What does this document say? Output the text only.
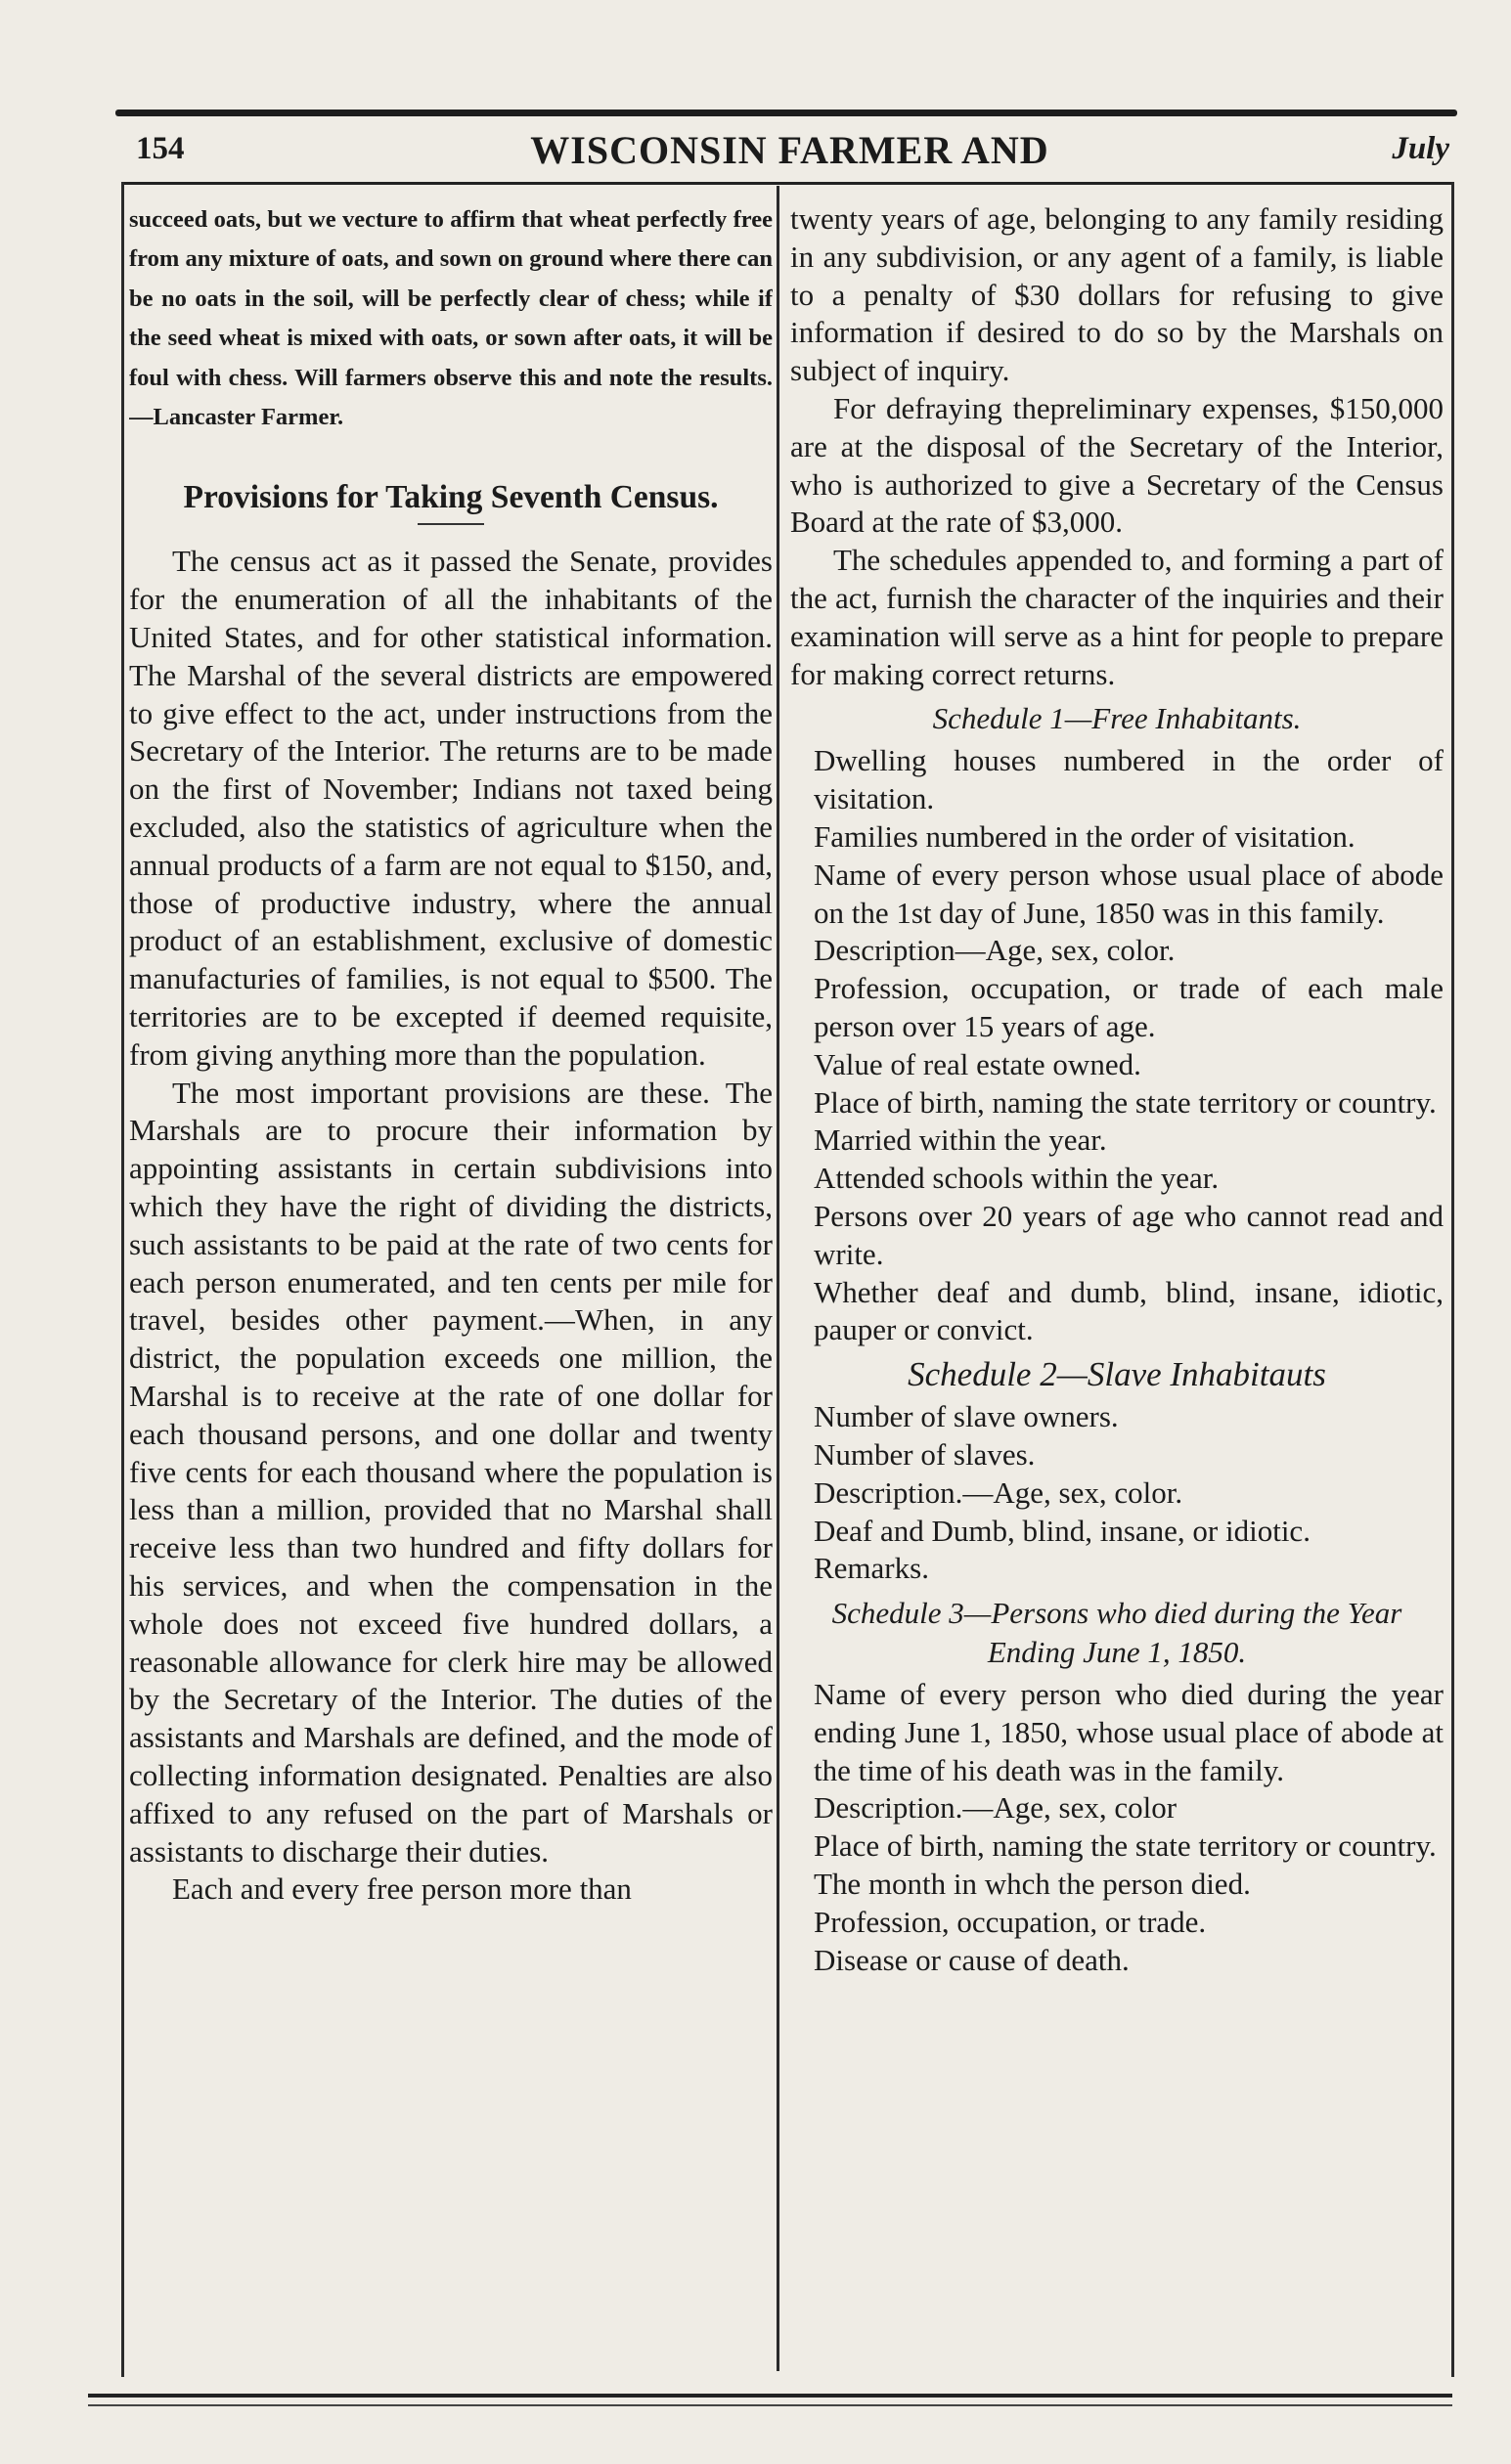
154	WISCONSIN FARMER AND	July

succeed oats, but we vecture to affirm that wheat perfectly free from any mixture of oats, and sown on ground where there can be no oats in the soil, will be perfectly clear of chess; while if the seed wheat is mixed with oats, or sown after oats, it will be foul with chess. Will farmers observe this and note the results.—Lancaster Farmer.

Provisions for Taking Seventh Census.

The census act as it passed the Senate, provides for the enumeration of all the inhabitants of the United States, and for other statistical information. The Marshal of the several districts are empowered to give effect to the act, under instructions from the Secretary of the Interior. The returns are to be made on the first of November; Indians not taxed being excluded, also the statistics of agriculture when the annual products of a farm are not equal to $150, and, those of productive industry, where the annual product of an establishment, exclusive of domestic manufacturies of families, is not equal to $500. The territories are to be excepted if deemed requisite, from giving anything more than the population.

The most important provisions are these. The Marshals are to procure their information by appointing assistants in certain subdivisions into which they have the right of dividing the districts, such assistants to be paid at the rate of two cents for each person enumerated, and ten cents per mile for travel, besides other payment.—When, in any district, the population exceeds one million, the Marshal is to receive at the rate of one dollar for each thousand persons, and one dollar and twenty five cents for each thousand where the population is less than a million, provided that no Marshal shall receive less than two hundred and fifty dollars for his services, and when the compensation in the whole does not exceed five hundred dollars, a reasonable allowance for clerk hire may be allowed by the Secretary of the Interior. The duties of the assistants and Marshals are defined, and the mode of collecting information designated. Penalties are also affixed to any refused on the part of Marshals or assistants to discharge their duties.

Each and every free person more than

twenty years of age, belonging to any family residing in any subdivision, or any agent of a family, is liable to a penalty of $30 dollars for refusing to give information if desired to do so by the Marshals on subject of inquiry.

For defraying thepreliminary expenses, $150,000 are at the disposal of the Secretary of the Interior, who is authorized to give a Secretary of the Census Board at the rate of $3,000.

The schedules appended to, and forming a part of the act, furnish the character of the inquiries and their examination will serve as a hint for people to prepare for making correct returns.

Schedule 1—Free Inhabitants.

Dwelling houses numbered in the order of visitation.

Families numbered in the order of visitation.

Name of every person whose usual place of abode on the 1st day of June, 1850 was in this family.

Description—Age, sex, color.

Profession, occupation, or trade of each male person over 15 years of age.

Value of real estate owned.

Place of birth, naming the state territory or country.

Married within the year.

Attended schools within the year.

Persons over 20 years of age who cannot read and write.

Whether deaf and dumb, blind, insane, idiotic, pauper or convict.

Schedule 2—Slave Inhabitauts

Number of slave owners.

Number of slaves.

Description.—Age, sex, color.

Deaf and Dumb, blind, insane, or idiotic.

Remarks.

Schedule 3—Persons who died during the Year Ending June 1, 1850.

Name of every person who died during the year ending June 1, 1850, whose usual place of abode at the time of his death was in the family.

Description.—Age, sex, color

Place of birth, naming the state territory or country.

The month in whch the person died.

Profession, occupation, or trade.

Disease or cause of death.
